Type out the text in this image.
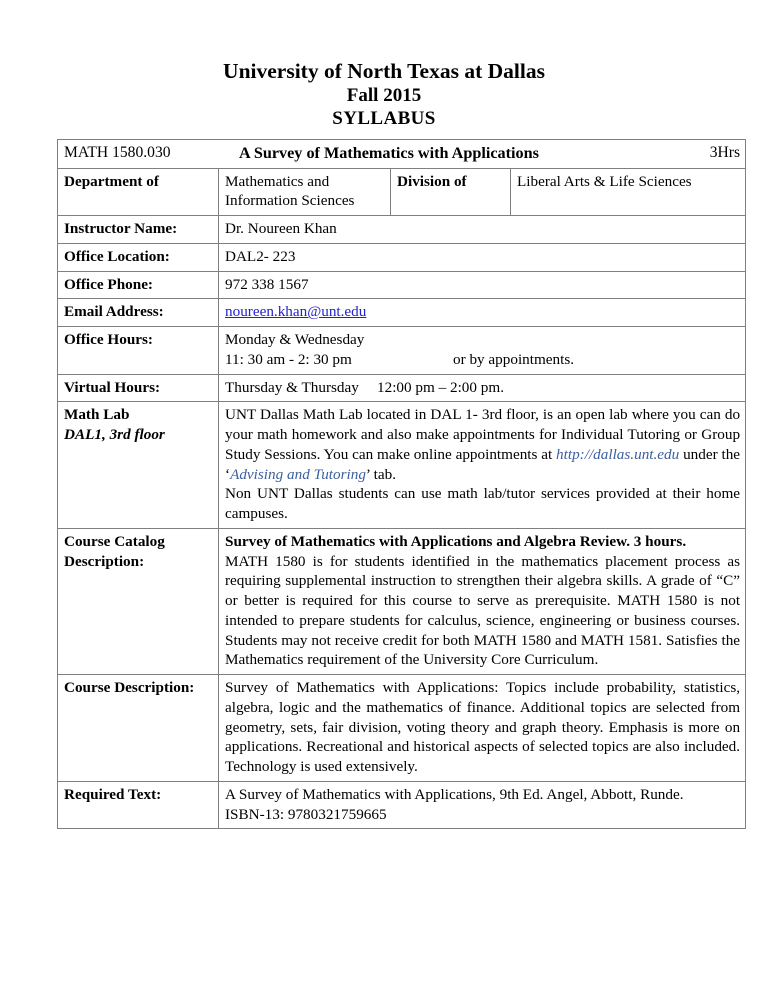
University of North Texas at Dallas
Fall 2015
SYLLABUS
MATH 1580.030 A Survey of Mathematics with Applications 3Hrs			

Department of	Mathematics and Information Sciences	Division of	Liberal Arts & Life Sciences
Instructor Name:	Dr. Noureen Khan		
Office Location:	DAL2- 223		
Office Phone:	972 338 1567		
Email Address:	noureen.khan@unt.edu		
Office Hours:	Monday & Wednesday
11: 30 am - 2: 30 pm or by appointments.		

Virtual Hours:	Thursday & Thursday 12:00 pm – 2:00 pm.		

Math Lab
DAL1, 3rd floor	UNT Dallas Math Lab located in DAL 1- 3rd floor, is an open lab where you can do your math homework and also make appointments for Individual Tutoring or Group Study Sessions. You can make online appointments at http://dallas.unt.edu under the ‘Advising and Tutoring’ tab.
Non UNT Dallas students can use math lab/tutor services provided at their home campuses.		

Course Catalog
Description:	Survey of Mathematics with Applications and Algebra Review. 3 hours.
MATH 1580 is for students identified in the mathematics placement process as requiring supplemental instruction to strengthen their algebra skills. A grade of “C” or better is required for this course to serve as prerequisite. MATH 1580 is not intended to prepare students for calculus, science, engineering or business courses. Students may not receive credit for both MATH 1580 and MATH 1581. Satisfies the Mathematics requirement of the University Core Curriculum.		
Course Description:	Survey of Mathematics with Applications: Topics include probability, statistics, algebra, logic and the mathematics of finance. Additional topics are selected from geometry, sets, fair division, voting theory and graph theory. Emphasis is more on applications. Recreational and historical aspects of selected topics are also included. Technology is used extensively.		
Required Text:	A Survey of Mathematics with Applications, 9th Ed. Angel, Abbott, Runde.
ISBN-13: 9780321759665		
